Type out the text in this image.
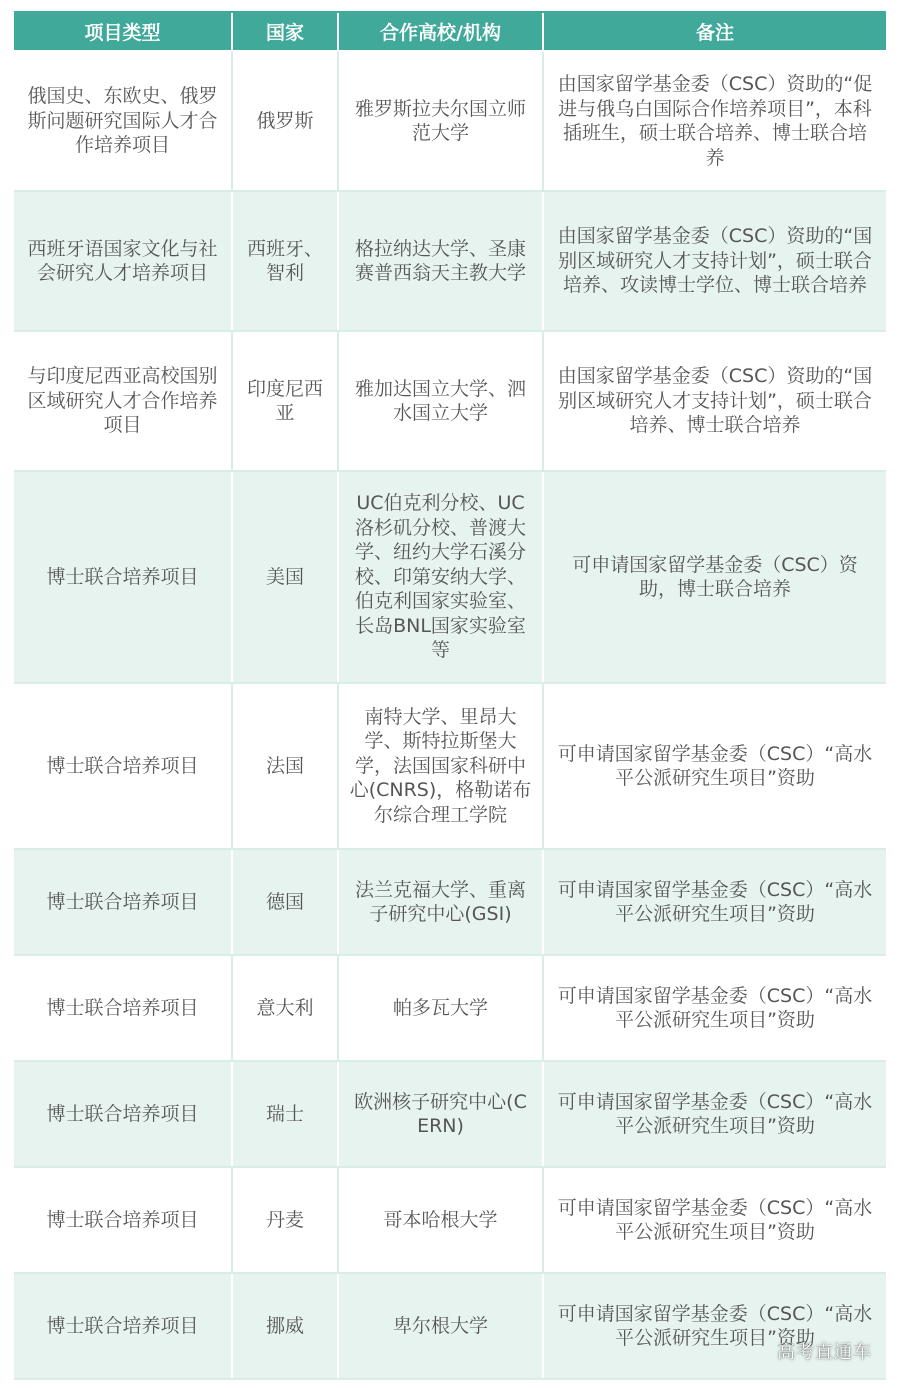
项目类型	国家	合作高校/机构	备注

俄国史、东欧史、俄罗斯问题研究国际人才合作培养项目	俄罗斯	雅罗斯拉夫尔国立师范大学	由国家留学基金委（CSC）资助的“促进与俄乌白国际合作培养项目”，本科插班生，硕士联合培养、博士联合培养

西班牙语国家文化与社会研究人才培养项目	西班牙、智利	格拉纳达大学、圣康赛普西翁天主教大学	由国家留学基金委（CSC）资助的“国别区域研究人才支持计划”，硕士联合培养、攻读博士学位、博士联合培养

与印度尼西亚高校国别区域研究人才合作培养项目	印度尼西亚	雅加达国立大学、泗水国立大学	由国家留学基金委（CSC）资助的“国别区域研究人才支持计划”，硕士联合培养、博士联合培养

博士联合培养项目	美国	UC伯克利分校、UC洛杉矶分校、普渡大学、纽约大学石溪分校、印第安纳大学、伯克利国家实验室、长岛BNL国家实验室等	可申请国家留学基金委（CSC）资助，博士联合培养

博士联合培养项目	法国	南特大学、里昂大学、斯特拉斯堡大学，法国国家科研中心(CNRS)，格勒诺布尔综合理工学院	可申请国家留学基金委（CSC）“高水平公派研究生项目”资助

博士联合培养项目	德国	法兰克福大学、重离子研究中心(GSI)	可申请国家留学基金委（CSC）“高水平公派研究生项目”资助

博士联合培养项目	意大利	帕多瓦大学	可申请国家留学基金委（CSC）“高水平公派研究生项目”资助

博士联合培养项目	瑞士	欧洲核子研究中心(CERN)	可申请国家留学基金委（CSC）“高水平公派研究生项目”资助

博士联合培养项目	丹麦	哥本哈根大学	可申请国家留学基金委（CSC）“高水平公派研究生项目”资助

博士联合培养项目	挪威	卑尔根大学	可申请国家留学基金委（CSC）“高水平公派研究生项目”资助
高考直通车
